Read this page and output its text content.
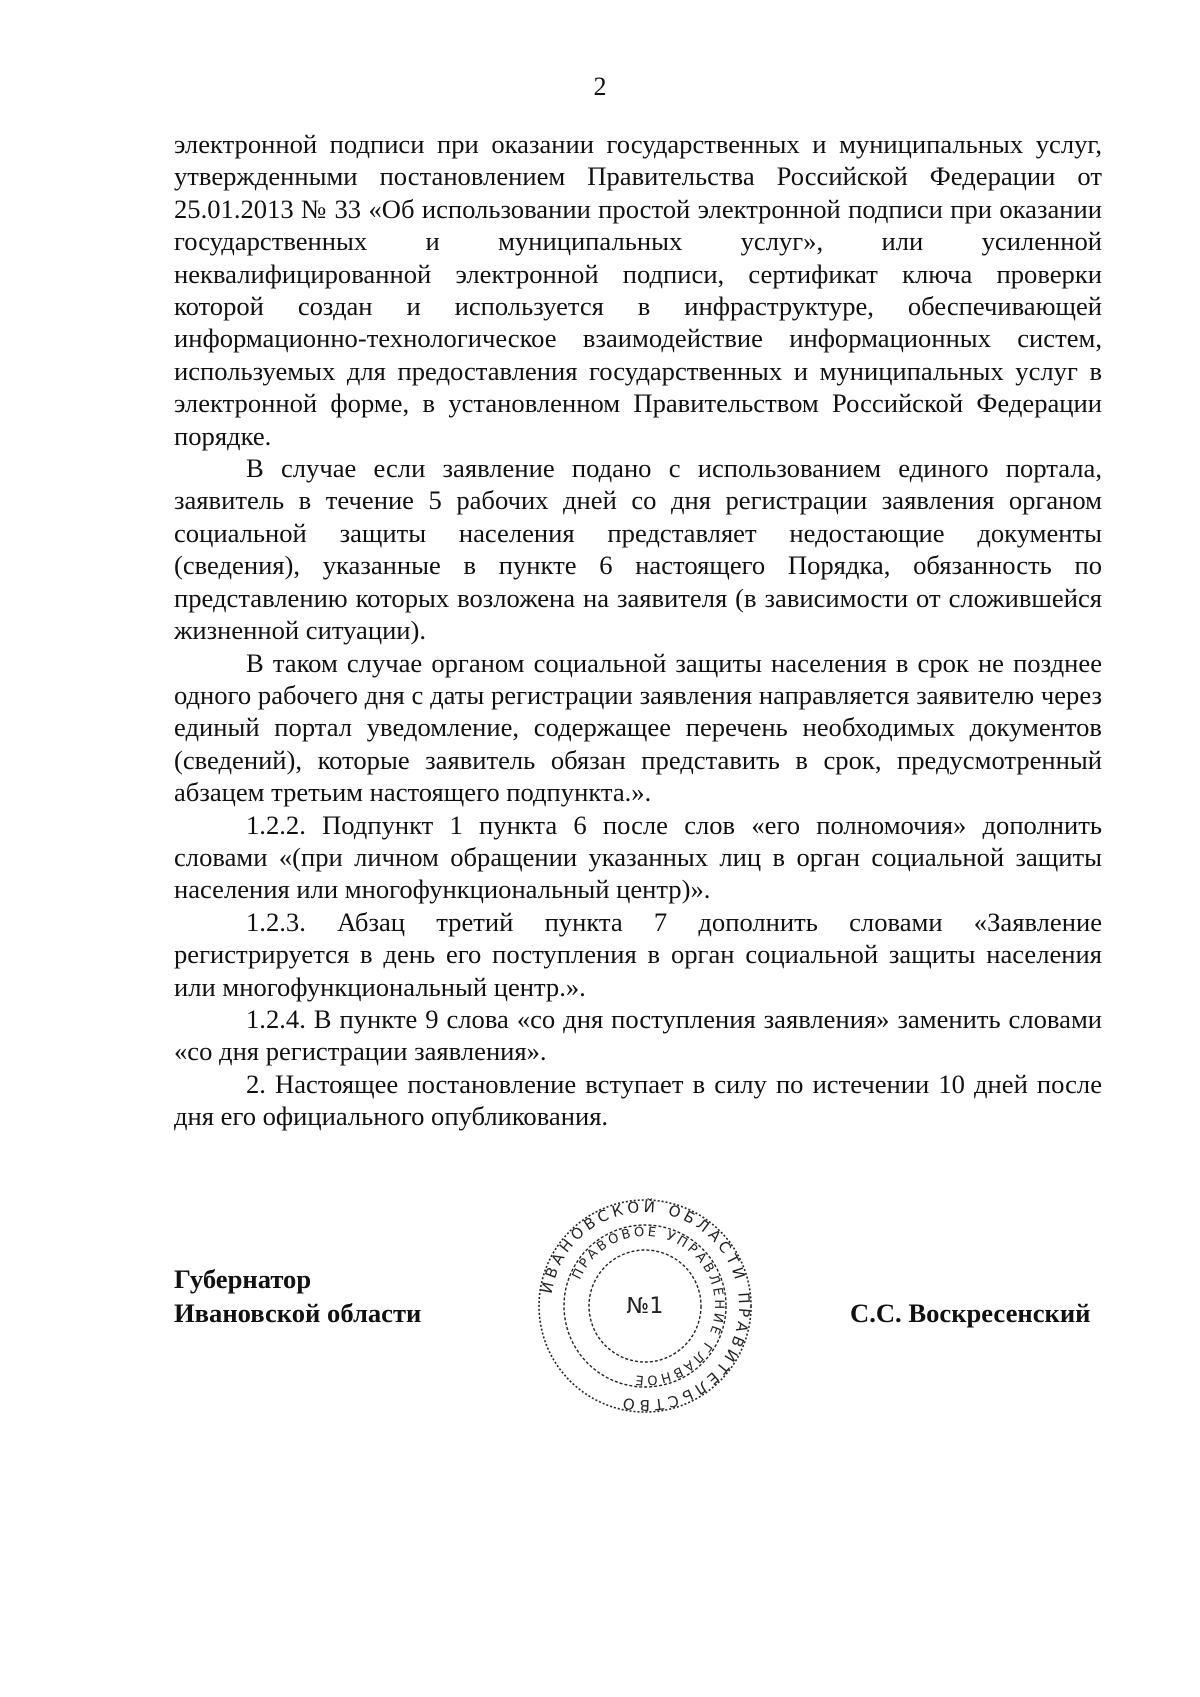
2

электронной подписи при оказании государственных и муниципальных услуг, утвержденными постановлением Правительства Российской Федерации от 25.01.2013 № 33 «Об использовании простой электронной подписи при оказании государственных и муниципальных услуг», или усиленной неквалифицированной электронной подписи, сертификат ключа проверки которой создан и используется в инфраструктуре, обеспечивающей информационно-технологическое взаимодействие информационных систем, используемых для предоставления государственных и муниципальных услуг в электронной форме, в установленном Правительством Российской Федерации порядке.

В случае если заявление подано с использованием единого портала, заявитель в течение 5 рабочих дней со дня регистрации заявления органом социальной защиты населения представляет недостающие документы (сведения), указанные в пункте 6 настоящего Порядка, обязанность по представлению которых возложена на заявителя (в зависимости от сложившейся жизненной ситуации).

В таком случае органом социальной защиты населения в срок не позднее одного рабочего дня с даты регистрации заявления направляется заявителю через единый портал уведомление, содержащее перечень необходимых документов (сведений), которые заявитель обязан представить в срок, предусмотренный абзацем третьим настоящего подпункта.».

1.2.2. Подпункт 1 пункта 6 после слов «его полномочия» дополнить словами «(при личном обращении указанных лиц в орган социальной защиты населения или многофункциональный центр)».

1.2.3. Абзац третий пункта 7 дополнить словами «Заявление регистрируется в день его поступления в орган социальной защиты населения или многофункциональный центр.».

1.2.4. В пункте 9 слова «со дня поступления заявления» заменить словами «со дня регистрации заявления».

2. Настоящее постановление вступает в силу по истечении 10 дней после дня его официального опубликования.

Губернатор
Ивановской области
ИВАНОВСКОЙ ОБЛАСТИ ПРАВИТЕЛЬСТВО
ПРАВОВОЕ УПРАВЛЕНИЕ ГЛАВНОЕ
№1	С.С. Воскресенский
